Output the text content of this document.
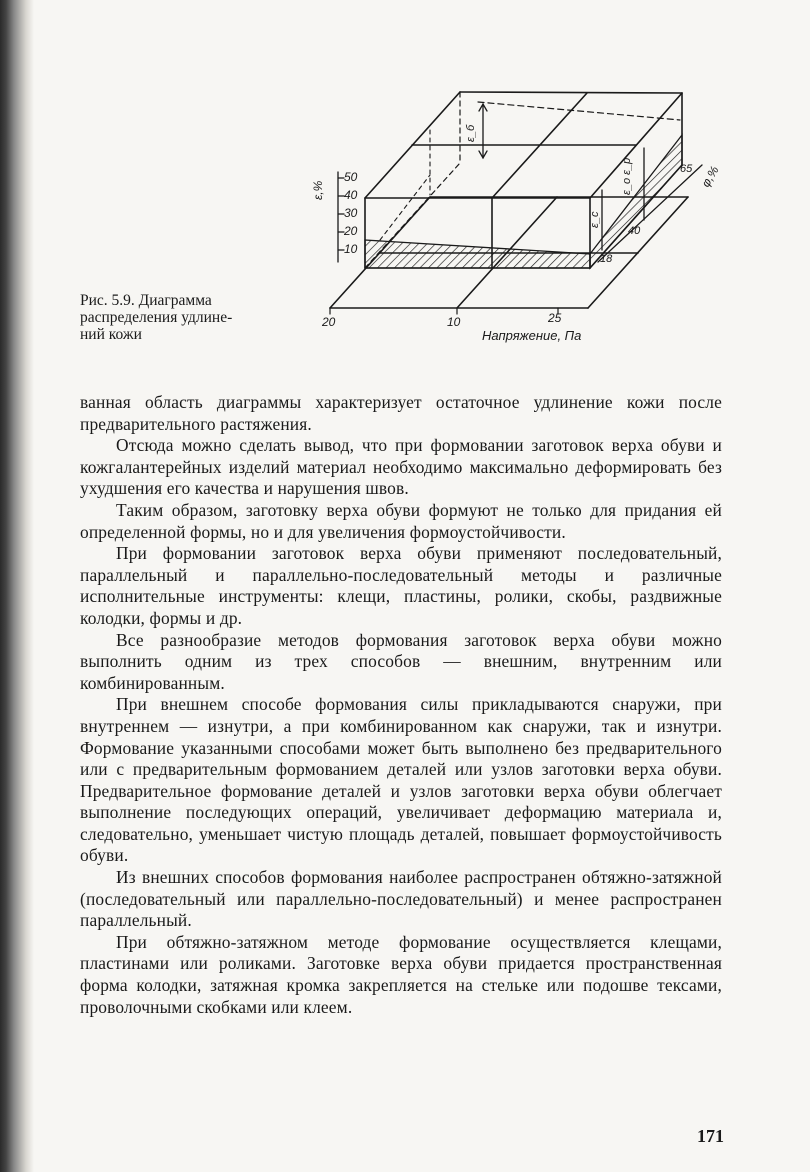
ε,%
50
40
30
20
10
20	10	25
Напряжение, Па
φ,%
65
40
18
ε_б
ε_с
ε_о ε_р
Рис. 5.9. Диаграмма
распределения удлине-
ний кожи

ванная область диаграммы характеризует остаточное удлинение кожи после предварительного растяжения.

Отсюда можно сделать вывод, что при формовании заготовок верха обуви и кожгалантерейных изделий материал необходимо максимально деформировать без ухудшения его качества и нарушения швов.

Таким образом, заготовку верха обуви формуют не только для придания ей определенной формы, но и для увеличения формоустойчивости.

При формовании заготовок верха обуви применяют последовательный, параллельный и параллельно-последовательный методы и различные исполнительные инструменты: клещи, пластины, ролики, скобы, раздвижные колодки, формы и др.

Все разнообразие методов формования заготовок верха обуви можно выполнить одним из трех способов — внешним, внутренним или комбинированным.

При внешнем способе формования силы прикладываются снаружи, при внутреннем — изнутри, а при комбинированном как снаружи, так и изнутри. Формование указанными способами может быть выполнено без предварительного или с предварительным формованием деталей или узлов заготовки верха обуви. Предварительное формование деталей и узлов заготовки верха обуви облегчает выполнение последующих операций, увеличивает деформацию материала и, следовательно, уменьшает чистую площадь деталей, повышает формоустойчивость обуви.

Из внешних способов формования наиболее распространен обтяжно-затяжной (последовательный или параллельно-последовательный) и менее распространен параллельный.

При обтяжно-затяжном методе формование осуществляется клещами, пластинами или роликами. Заготовке верха обуви придается пространственная форма колодки, затяжная кромка закрепляется на стельке или подошве тексами, проволочными скобками или клеем.

171
